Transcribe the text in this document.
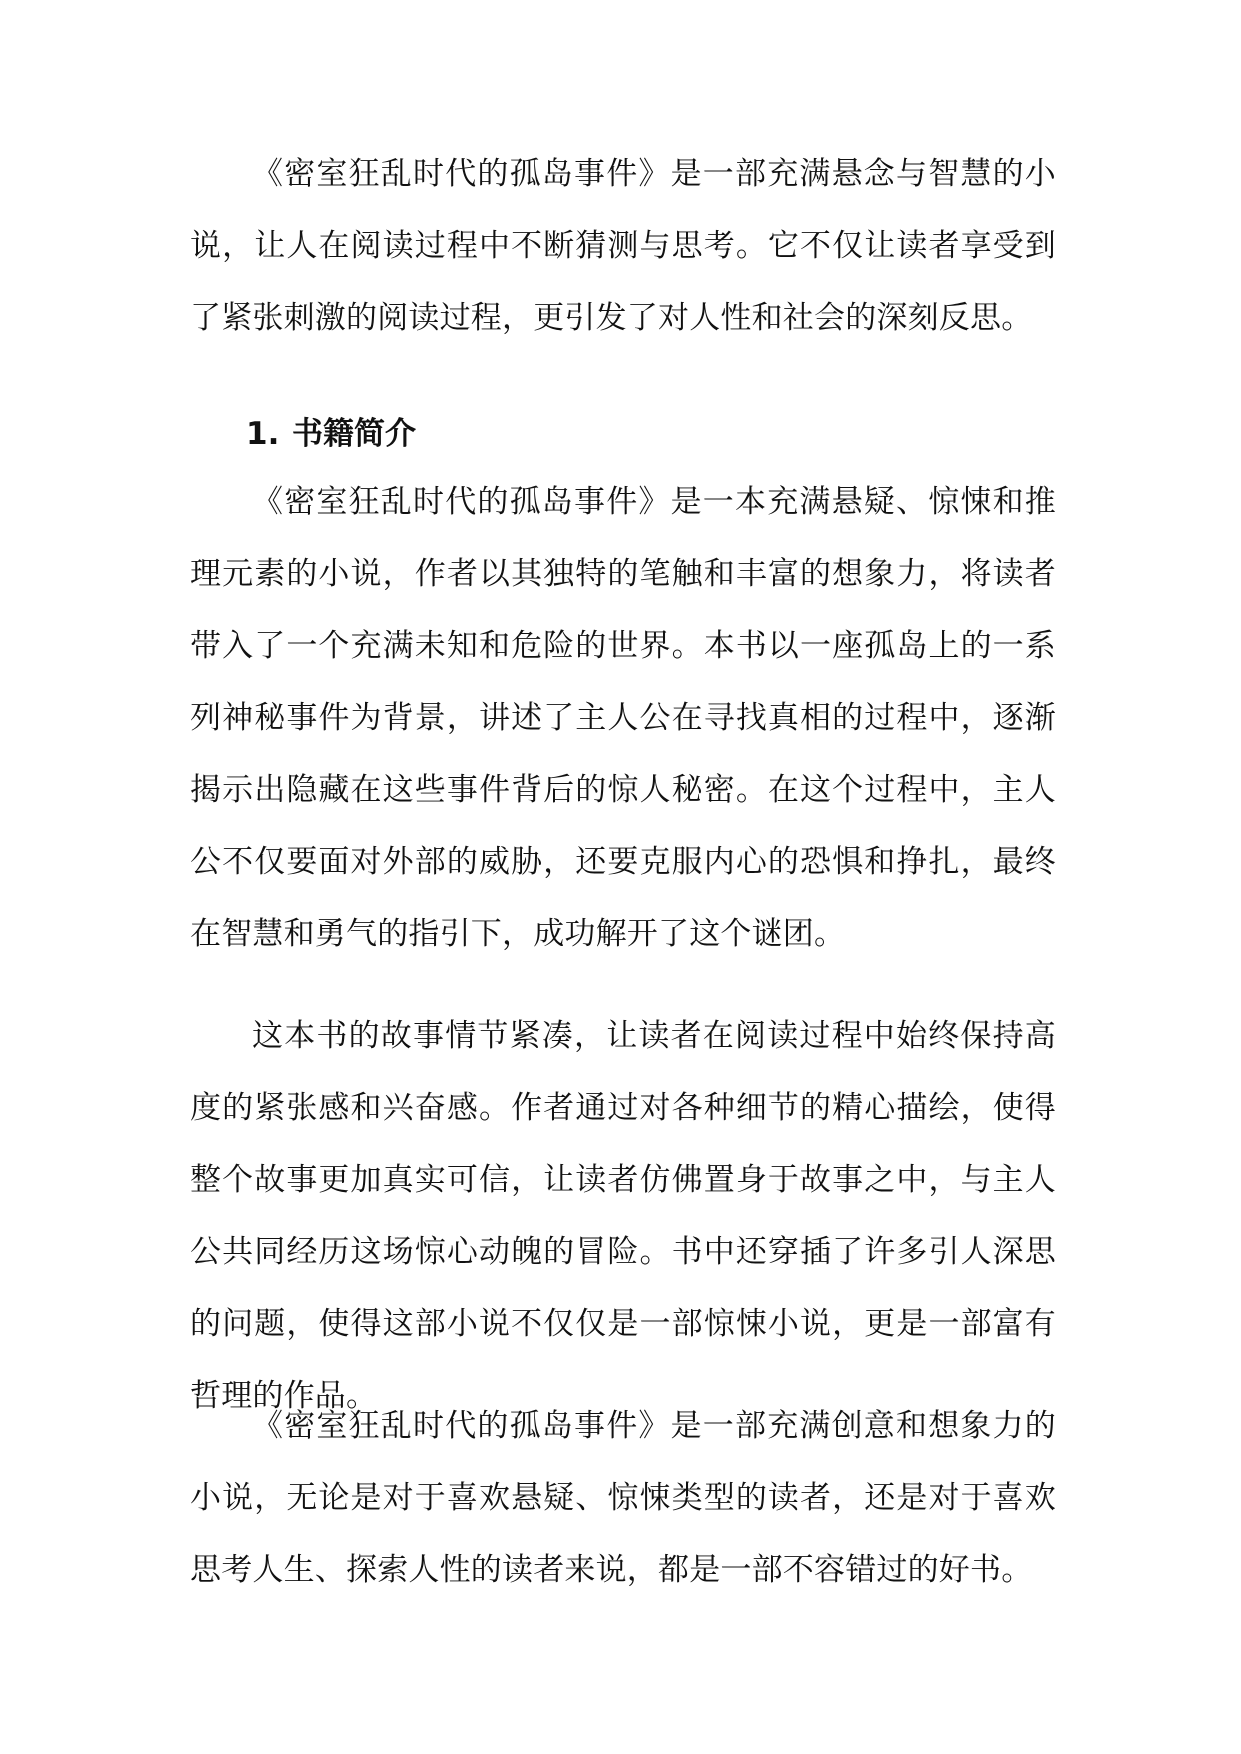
《密室狂乱时代的孤岛事件》是一部充满悬念与智慧的小说，让人在阅读过程中不断猜测与思考。它不仅让读者享受到了紧张刺激的阅读过程，更引发了对人性和社会的深刻反思。

1. 书籍简介

《密室狂乱时代的孤岛事件》是一本充满悬疑、惊悚和推理元素的小说，作者以其独特的笔触和丰富的想象力，将读者带入了一个充满未知和危险的世界。本书以一座孤岛上的一系列神秘事件为背景，讲述了主人公在寻找真相的过程中，逐渐揭示出隐藏在这些事件背后的惊人秘密。在这个过程中，主人公不仅要面对外部的威胁，还要克服内心的恐惧和挣扎，最终在智慧和勇气的指引下，成功解开了这个谜团。

这本书的故事情节紧凑，让读者在阅读过程中始终保持高度的紧张感和兴奋感。作者通过对各种细节的精心描绘，使得整个故事更加真实可信，让读者仿佛置身于故事之中，与主人公共同经历这场惊心动魄的冒险。书中还穿插了许多引人深思的问题，使得这部小说不仅仅是一部惊悚小说，更是一部富有哲理的作品。

《密室狂乱时代的孤岛事件》是一部充满创意和想象力的小说，无论是对于喜欢悬疑、惊悚类型的读者，还是对于喜欢思考人生、探索人性的读者来说，都是一部不容错过的好书。
